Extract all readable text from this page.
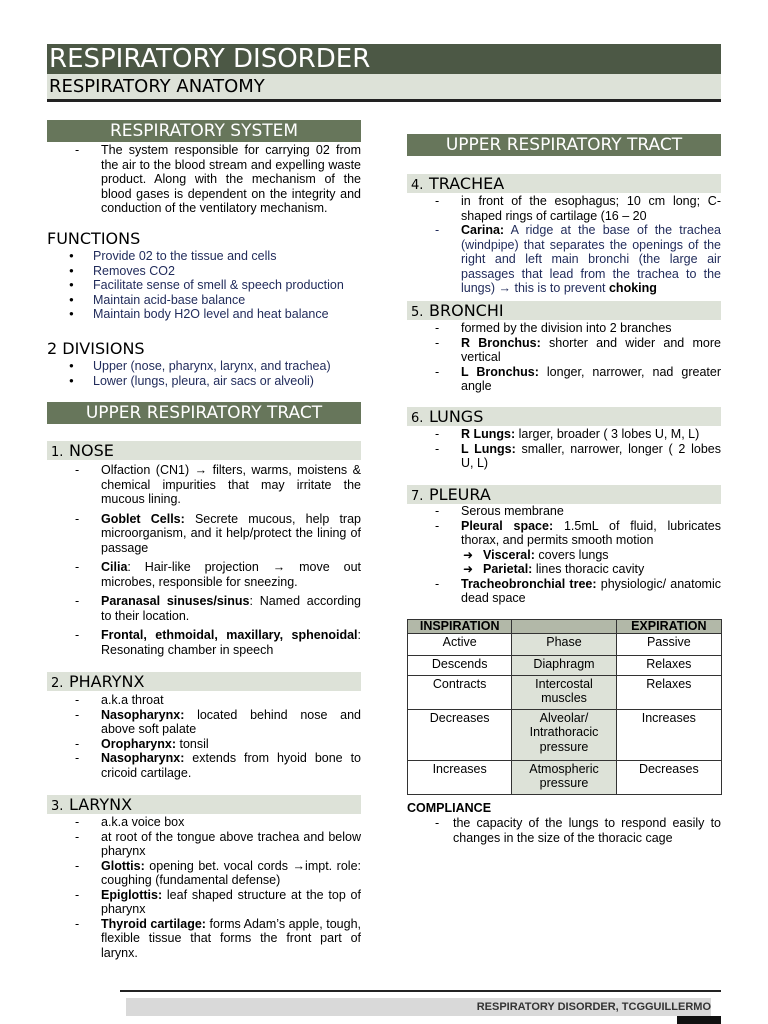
RESPIRATORY DISORDER
RESPIRATORY ANATOMY
RESPIRATORY SYSTEM
- The system responsible for carrying 02 from the air to the blood stream and expelling waste product. Along with the mechanism of the blood gases is dependent on the integrity and conduction of the ventilatory mechanism.
FUNCTIONS
● Provide 02 to the tissue and cells
● Removes CO2
● Facilitate sense of smell & speech production
● Maintain acid-base balance
● Maintain body H2O level and heat balance
2 DIVISIONS
● Upper (nose, pharynx, larynx, and trachea)
● Lower (lungs, pleura, air sacs or alveoli)
UPPER RESPIRATORY TRACT
1. NOSE
- Olfaction (CN1) → filters, warms, moistens & chemical impurities that may irritate the mucous lining.
- Goblet Cells: Secrete mucous, help trap microorganism, and it help/protect the lining of passage
- Cilia: Hair-like projection → move out microbes, responsible for sneezing.
- Paranasal sinuses/sinus: Named according to their location.
- Frontal, ethmoidal, maxillary, sphenoidal: Resonating chamber in speech
2. PHARYNX
- a.k.a throat
- Nasopharynx: located behind nose and above soft palate
- Oropharynx: tonsil
- Nasopharynx: extends from hyoid bone to cricoid cartilage.
3. LARYNX
- a.k.a voice box
- at root of the tongue above trachea and below pharynx
- Glottis: opening bet. vocal cords →impt. role: coughing (fundamental defense)
- Epiglottis: leaf shaped structure at the top of pharynx
- Thyroid cartilage: forms Adam’s apple, tough, flexible tissue that forms the front part of larynx.
UPPER RESPIRATORY TRACT
4. TRACHEA
- in front of the esophagus; 10 cm long; C-shaped rings of cartilage (16 – 20
- Carina: A ridge at the base of the trachea (windpipe) that separates the openings of the right and left main bronchi (the large air passages that lead from the trachea to the lungs) → this is to prevent choking
5. BRONCHI
- formed by the division into 2 branches
- R Bronchus: shorter and wider and more vertical
- L Bronchus: longer, narrower, nad greater angle
6. LUNGS
- R Lungs: larger, broader ( 3 lobes U, M, L)
- L Lungs: smaller, narrower, longer ( 2 lobes U, L)
7. PLEURA
- Serous membrane
- Pleural space: 1.5mL of fluid, lubricates thorax, and permits smooth motion
➜ Visceral: covers lungs
➜ Parietal: lines thoracic cavity
- Tracheobronchial tree: physiologic/ anatomic dead space
INSPIRATION		EXPIRATION
Active	Phase	Passive
Descends	Diaphragm	Relaxes
Contracts	Intercostal muscles	Relaxes
Decreases	Alveolar/ Intrathoracic pressure	Increases
Increases	Atmospheric pressure	Decreases
COMPLIANCE
- the capacity of the lungs to respond easily to changes in the size of the thoracic cage
RESPIRATORY DISORDER, TCGGUILLERMO
